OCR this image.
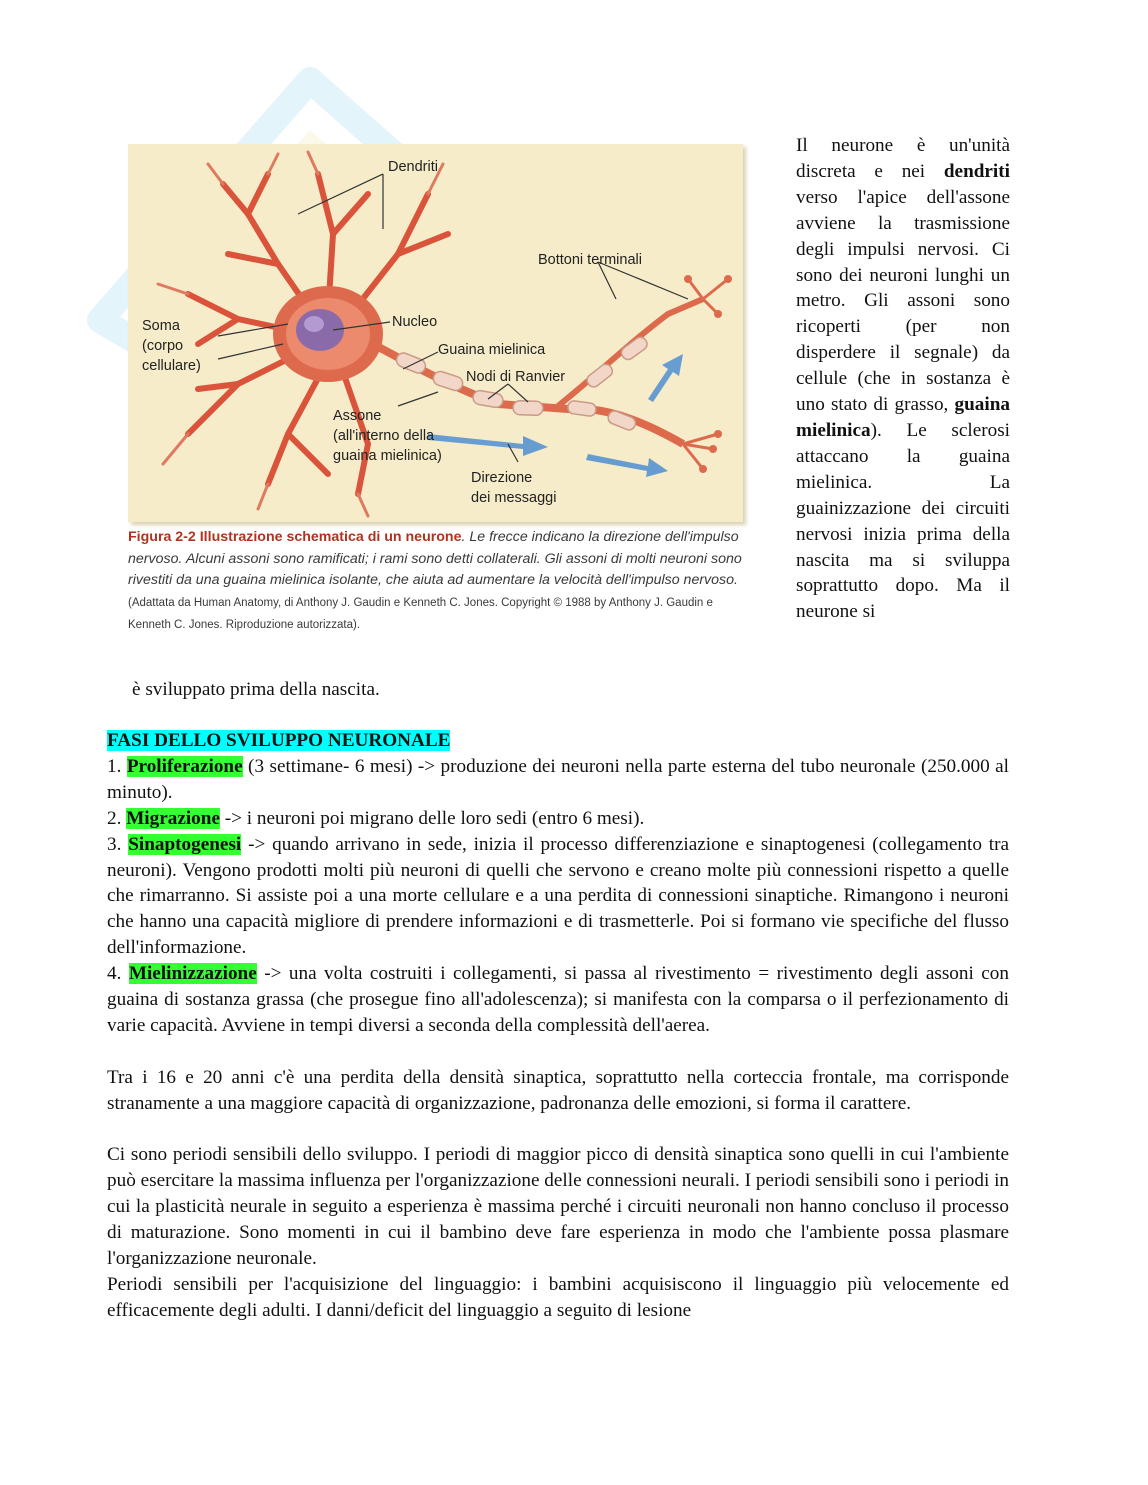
Dendriti
Bottoni terminali
Soma
(corpo
cellulare)
Nucleo
Guaina mielinica
Nodi di Ranvier
Assone
(all'interno della
guaina mielinica)
Direzione
dei messaggi
Figura 2-2 Illustrazione schematica di un neurone. Le frecce indicano la direzione dell'impulso nervoso. Alcuni assoni sono ramificati; i rami sono detti collaterali. Gli assoni di molti neuroni sono rivestiti da una guaina mielinica isolante, che aiuta ad aumentare la velocità dell'impulso nervoso. (Adattata da Human Anatomy, di Anthony J. Gaudin e Kenneth C. Jones. Copyright © 1988 by Anthony J. Gaudin e Kenneth C. Jones. Riproduzione autorizzata).
Il neurone è un'unità discreta e nei dendriti verso l'apice dell'assone avviene la trasmissione degli impulsi nervosi. Ci sono dei neuroni lunghi un metro. Gli assoni sono ricoperti (per non disperdere il segnale) da cellule (che in sostanza è uno stato di grasso, guaina mielinica). Le sclerosi attaccano la guaina mielinica. La guainizzazione dei circuiti nervosi inizia prima della nascita ma si sviluppa soprattutto dopo. Ma il neurone si
è sviluppato prima della nascita.

FASI DELLO SVILUPPO NEURONALE

1. Proliferazione (3 settimane- 6 mesi) -> produzione dei neuroni nella parte esterna del tubo neuronale (250.000 al minuto).

2. Migrazione -> i neuroni poi migrano delle loro sedi (entro 6 mesi).

3. Sinaptogenesi -> quando arrivano in sede, inizia il processo differenziazione e sinaptogenesi (collegamento tra neuroni). Vengono prodotti molti più neuroni di quelli che servono e creano molte più connessioni rispetto a quelle che rimarranno. Si assiste poi a una morte cellulare e a una perdita di connessioni sinaptiche. Rimangono i neuroni che hanno una capacità migliore di prendere informazioni e di trasmetterle. Poi si formano vie specifiche del flusso dell'informazione.

4. Mielinizzazione -> una volta costruiti i collegamenti, si passa al rivestimento = rivestimento degli assoni con guaina di sostanza grassa (che prosegue fino all'adolescenza); si manifesta con la comparsa o il perfezionamento di varie capacità. Avviene in tempi diversi a seconda della complessità dell'aerea.

Tra i 16 e 20 anni c'è una perdita della densità sinaptica, soprattutto nella corteccia frontale, ma corrisponde stranamente a una maggiore capacità di organizzazione, padronanza delle emozioni, si forma il carattere.

Ci sono periodi sensibili dello sviluppo. I periodi di maggior picco di densità sinaptica sono quelli in cui l'ambiente può esercitare la massima influenza per l'organizzazione delle connessioni neurali. I periodi sensibili sono i periodi in cui la plasticità neurale in seguito a esperienza è massima perché i circuiti neuronali non hanno concluso il processo di maturazione. Sono momenti in cui il bambino deve fare esperienza in modo che l'ambiente possa plasmare l'organizzazione neuronale.

Periodi sensibili per l'acquisizione del linguaggio: i bambini acquisiscono il linguaggio più velocemente ed efficacemente degli adulti. I danni/deficit del linguaggio a seguito di lesione
